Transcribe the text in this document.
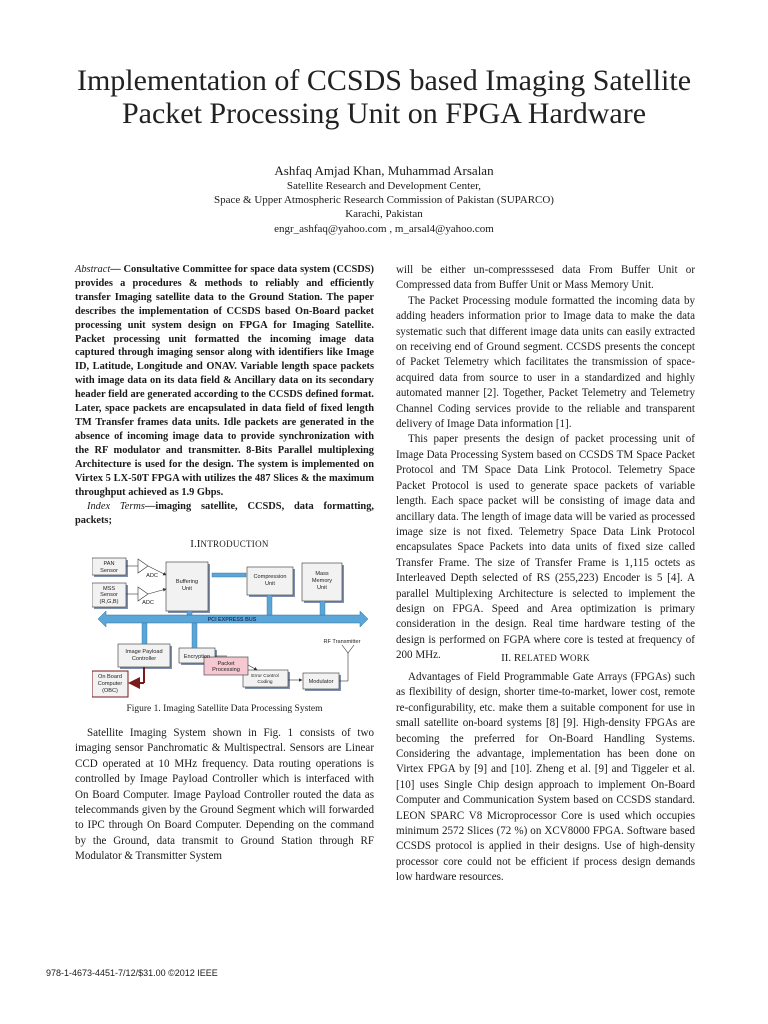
Implementation of CCSDS based Imaging Satellite Packet Processing Unit on FPGA Hardware
Ashfaq Amjad Khan, Muhammad Arsalan
Satellite Research and Development Center,
Space & Upper Atmospheric Research Commission of Pakistan (SUPARCO)
Karachi, Pakistan
engr_ashfaq@yahoo.com , m_arsal4@yahoo.com

Abstract— Consultative Committee for space data system (CCSDS) provides a procedures & methods to reliably and efficiently transfer Imaging satellite data to the Ground Station. The paper describes the implementation of CCSDS based On-Board packet processing unit system design on FPGA for Imaging Satellite. Packet processing unit formatted the incoming image data captured through imaging sensor along with identifiers like Image ID, Latitude, Longitude and ONAV. Variable length space packets with image data on its data field & Ancillary data on its secondary header field are generated according to the CCSDS defined format. Later, space packets are encapsulated in data field of fixed length TM Transfer frames data units. Idle packets are generated in the absence of incoming image data to provide synchronization with the RF modulator and transmitter. 8-Bits Parallel multiplexing Architecture is used for the design. The system is implemented on Virtex 5 LX-50T FPGA with utilizes the 487 Slices & the maximum throughput achieved as 1.9 Gbps.

Index Terms—imaging satellite, CCSDS, data formatting, packets;

I.INTRODUCTION
PAN
Sensor
MSS
Sensor
(R,G,B)
ADC
ADC
Buffering
Unit
Compression
Unit
Mass
Memory
Unit
PCI EXPRESS BUS
RF Transmitter
Image Payload
Controller	Encryption
Packet
Processing
Error Control
Coding	Modulator
On Board
Computer
(OBC)
Figure 1. Imaging Satellite Data Processing System

Satellite Imaging System shown in Fig. 1 consists of two imaging sensor Panchromatic & Multispectral. Sensors are Linear CCD operated at 10 MHz frequency. Data routing operations is controlled by Image Payload Controller which is interfaced with On Board Computer. Image Payload Controller routed the data as telecommands given by the Ground Segment which will forwarded to IPC through On Board Computer. Depending on the command by the Ground, data transmit to Ground Station through RF Modulator & Transmitter System

will be either un-compresssesed data From Buffer Unit or Compressed data from Buffer Unit or Mass Memory Unit.

The Packet Processing module formatted the incoming data by adding headers information prior to Image data to make the data systematic such that different image data units can easily extracted on receiving end of Ground segment. CCSDS presents the concept of Packet Telemetry which facilitates the transmission of space-acquired data from source to user in a standardized and highly automated manner [2]. Together, Packet Telemetry and Telemetry Channel Coding services provide to the reliable and transparent delivery of Image Data information [1].

This paper presents the design of packet processing unit of Image Data Processing System based on CCSDS TM Space Packet Protocol and TM Space Data Link Protocol. Telemetry Space Packet Protocol is used to generate space packets of variable length. Each space packet will be consisting of image data and ancillary data. The length of image data will be varied as processed image size is not fixed. Telemetry Space Data Link Protocol encapsulates Space Packets into data units of fixed size called Transfer Frame. The size of Transfer Frame is 1,115 octets as Interleaved Depth selected of RS (255,223) Encoder is 5 [4]. A parallel Multiplexing Architecture is selected to implement the design on FPGA. Speed and Area optimization is primary consideration in the design. Real time hardware testing of the design is performed on FGPA where core is tested at frequency of 200 MHz.	II. RELATED WORK

Advantages of Field Programmable Gate Arrays (FPGAs) such as flexibility of design, shorter time-to-market, lower cost, remote re-configurability, etc. make them a suitable component for use in small satellite on-board systems [8] [9]. High-density FPGAs are becoming the preferred for On-Board Handling Systems. Considering the advantage, implementation has been done on Virtex FPGA by [9] and [10]. Zheng et al. [9] and Tiggeler et al.[10] uses Single Chip design approach to implement On-Board Computer and Communication System based on CCSDS standard. LEON SPARC V8 Microprocessor Core is used which occupies minimum 2572 Slices (72 %) on XCV8000 FPGA. Software based CCSDS protocol is applied in their designs. Use of high-density processor core could not be efficient if process design demands low hardware resources.

978-1-4673-4451-7/12/$31.00 ©2012 IEEE
